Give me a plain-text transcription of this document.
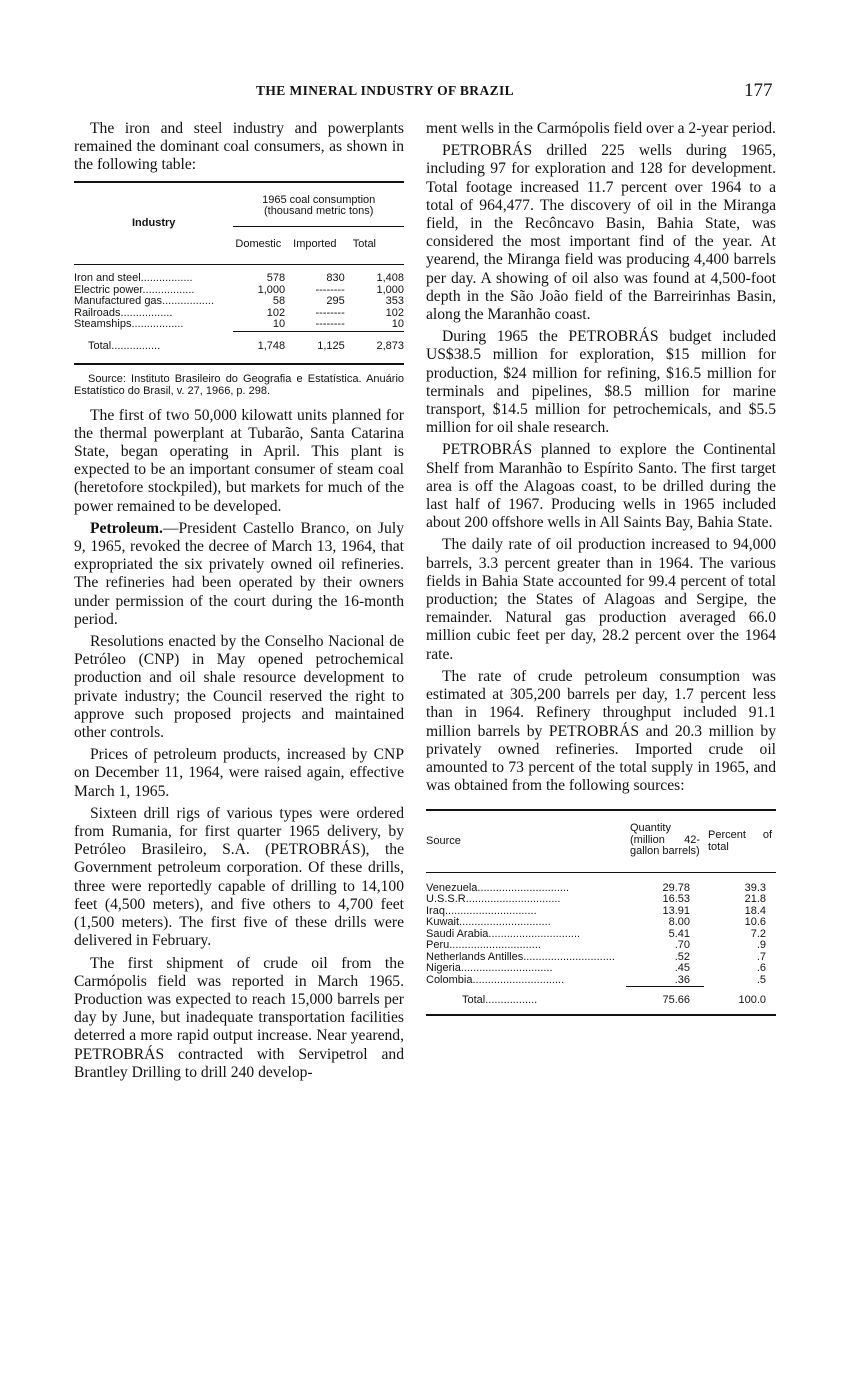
THE MINERAL INDUSTRY OF BRAZIL	177

The iron and steel industry and powerplants remained the dominant coal consumers, as shown in the following table:

Industry	1965 coal consumption (thousand metric tons)		
	Domestic	Imported	Total
Iron and steel.................	578	830	1,408
Electric power.................	1,000	--------	1,000
Manufactured gas.................	58	295	353
Railroads.................	102	--------	102
Steamships.................	10	--------	10
Total................	1,748	1,125	2,873
Source: Instituto Brasileiro do Geografia e Estatística. Anuário Estatístico do Brasil, v. 27, 1966, p. 298.

The first of two 50,000 kilowatt units planned for the thermal powerplant at Tubarão, Santa Catarina State, began operating in April. This plant is expected to be an important consumer of steam coal (heretofore stockpiled), but markets for much of the power remained to be developed.

Petroleum.—President Castello Branco, on July 9, 1965, revoked the decree of March 13, 1964, that expropriated the six privately owned oil refineries. The refineries had been operated by their owners under permission of the court during the 16-month period.

Resolutions enacted by the Conselho Nacional de Petróleo (CNP) in May opened petrochemical production and oil shale resource development to private industry; the Council reserved the right to approve such proposed projects and maintained other controls.

Prices of petroleum products, increased by CNP on December 11, 1964, were raised again, effective March 1, 1965.

Sixteen drill rigs of various types were ordered from Rumania, for first quarter 1965 delivery, by Petróleo Brasileiro, S.A. (PETROBRÁS), the Government petroleum corporation. Of these drills, three were reportedly capable of drilling to 14,100 feet (4,500 meters), and five others to 4,700 feet (1,500 meters). The first five of these drills were delivered in February.

The first shipment of crude oil from the Carmópolis field was reported in March 1965. Production was expected to reach 15,000 barrels per day by June, but inadequate transportation facilities deterred a more rapid output increase. Near yearend, PETROBRÁS contracted with Servipetrol and Brantley Drilling to drill 240 develop-

ment wells in the Carmópolis field over a 2-year period.

PETROBRÁS drilled 225 wells during 1965, including 97 for exploration and 128 for development. Total footage increased 11.7 percent over 1964 to a total of 964,477. The discovery of oil in the Miranga field, in the Recôncavo Basin, Bahia State, was considered the most important find of the year. At yearend, the Miranga field was producing 4,400 barrels per day. A showing of oil also was found at 4,500-foot depth in the São João field of the Barreirinhas Basin, along the Maranhão coast.

During 1965 the PETROBRÁS budget included US$38.5 million for exploration, $15 million for production, $24 million for refining, $16.5 million for terminals and pipelines, $8.5 million for marine transport, $14.5 million for petrochemicals, and $5.5 million for oil shale research.

PETROBRÁS planned to explore the Continental Shelf from Maranhão to Espírito Santo. The first target area is off the Alagoas coast, to be drilled during the last half of 1967. Producing wells in 1965 included about 200 offshore wells in All Saints Bay, Bahia State.

The daily rate of oil production increased to 94,000 barrels, 3.3 percent greater than in 1964. The various fields in Bahia State accounted for 99.4 percent of total production; the States of Alagoas and Sergipe, the remainder. Natural gas production averaged 66.0 million cubic feet per day, 28.2 percent over the 1964 rate.

The rate of crude petroleum consumption was estimated at 305,200 barrels per day, 1.7 percent less than in 1964. Refinery throughput included 91.1 million barrels by PETROBRÁS and 20.3 million by privately owned refineries. Imported crude oil amounted to 73 percent of the total supply in 1965, and was obtained from the following sources:

Source	Quantity (million 42-gallon barrels)	Percent of total
Venezuela..............................	29.78	39.3
U.S.S.R...............................	16.53	21.8
Iraq..............................	13.91	18.4
Kuwait..............................	8.00	10.6
Saudi Arabia..............................	5.41	7.2
Peru..............................	.70	.9
Netherlands Antilles..............................	.52	.7
Nigeria..............................	.45	.6
Colombia..............................	.36	.5
Total.................	75.66	100.0
